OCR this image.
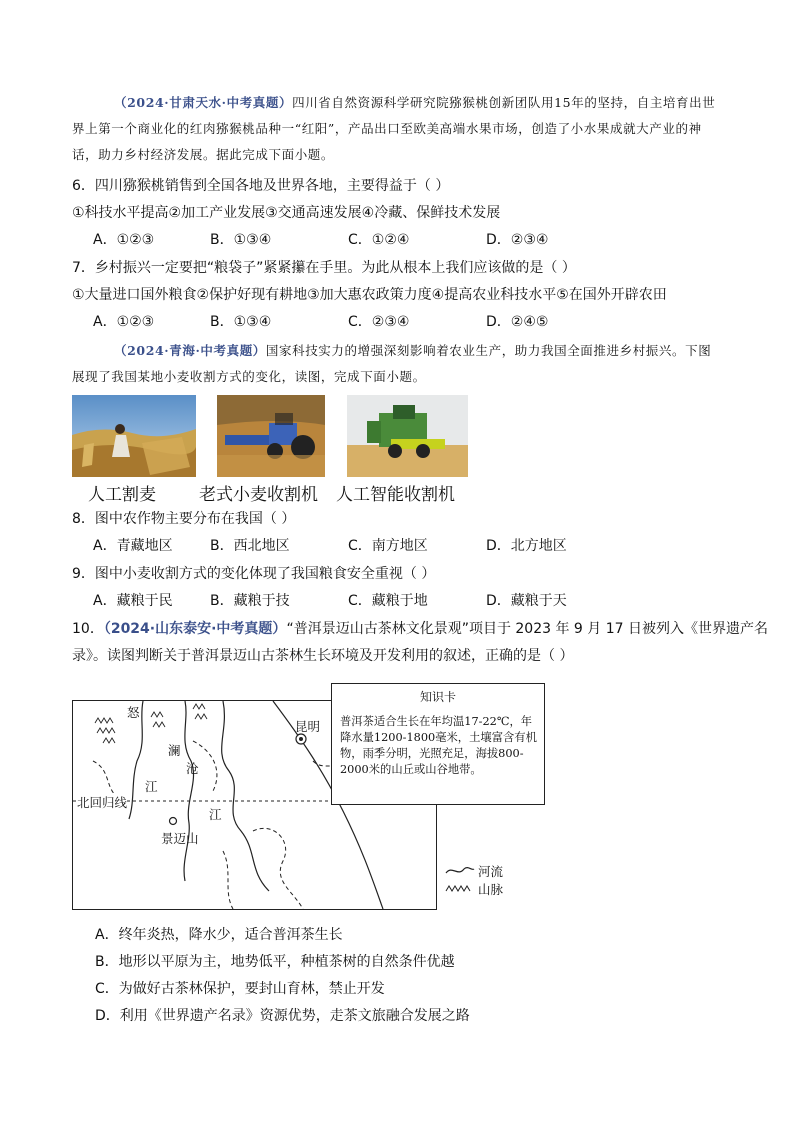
（2024·甘肃天水·中考真题）四川省自然资源科学研究院猕猴桃创新团队用15年的坚持，自主培育出世界上第一个商业化的红肉猕猴桃品种一“红阳”，产品出口至欧美高端水果市场，创造了小水果成就大产业的神话，助力乡村经济发展。据此完成下面小题。
6．四川猕猴桃销售到全国各地及世界各地，主要得益于（ ）
①科技水平提高②加工产业发展③交通高速发展④冷藏、保鲜技术发展
A．①②③	B．①③④	C．①②④	D．②③④
7．乡村振兴一定要把“粮袋子”紧紧攥在手里。为此从根本上我们应该做的是（ ）
①大量进口国外粮食②保护好现有耕地③加大惠农政策力度④提高农业科技水平⑤在国外开辟农田
A．①②③	B．①③④	C．②③④	D．②④⑤
（2024·青海·中考真题）国家科技实力的增强深刻影响着农业生产，助力我国全面推进乡村振兴。下图展现了我国某地小麦收割方式的变化，读图，完成下面小题。
人工割麦	老式小麦收割机 人工智能收割机
8．图中农作物主要分布在我国（ ）
A．青藏地区	B．西北地区	C．南方地区	D．北方地区
9．图中小麦收割方式的变化体现了我国粮食安全重视（ ）
A．藏粮于民	B．藏粮于技	C．藏粮于地	D．藏粮于天
10．（2024·山东泰安·中考真题）“普洱景迈山古茶林文化景观”项目于 2023 年 9 月 17 日被列入《世界遗产名
录》。读图判断关于普洱景迈山古茶林生长环境及开发利用的叙述，正确的是（ ）
怒
澜
沧
江
江
昆明
北回归线
景迈山
知识卡
普洱茶适合生长在年均温17-22℃，年降水量1200-1800毫米，土壤富含有机物，雨季分明，光照充足，海拔800-2000米的山丘或山谷地带。
河流
山脉
A．终年炎热，降水少，适合普洱茶生长
B．地形以平原为主，地势低平，种植茶树的自然条件优越
C．为做好古茶林保护，要封山育林，禁止开发
D．利用《世界遗产名录》资源优势，走茶文旅融合发展之路
